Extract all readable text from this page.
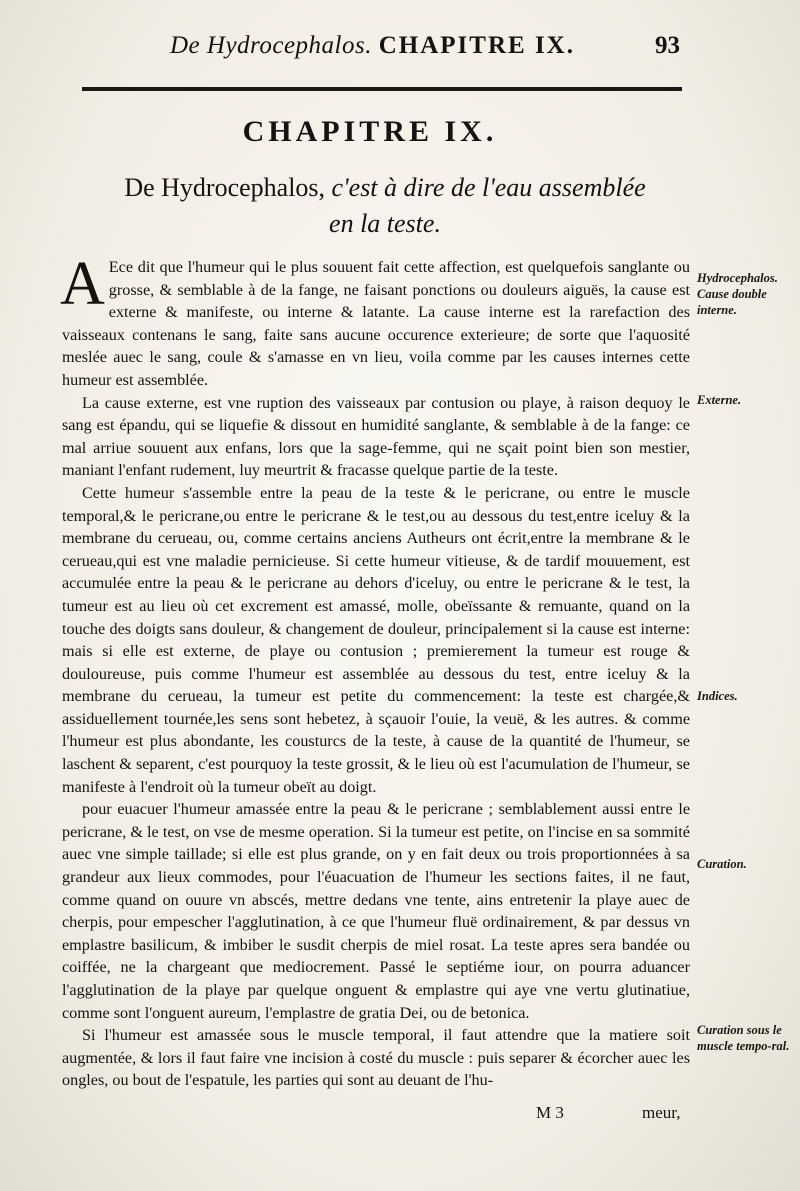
De Hydrocephalos. CHAPITRE IX.	93
CHAPITRE IX.
De Hydrocephalos, c'est à dire de l'eau assemblée
en la teste.

A Ece dit que l'humeur qui le plus souuent fait cette affection, est quelquefois sanglante ou grosse, & semblable à de la fange, ne faisant ponctions ou douleurs aiguës, la cause est externe & manifeste, ou interne & latante. La cause interne est la rarefaction des vaisseaux contenans le sang, faite sans aucune occurence exterieure; de sorte que l'aquosité meslée auec le sang, coule & s'amasse en vn lieu, voila comme par les causes internes cette humeur est assemblée.

La cause externe, est vne ruption des vaisseaux par contusion ou playe, à raison dequoy le sang est épandu, qui se liquefie & dissout en humidité sanglante, & semblable à de la fange: ce mal arriue souuent aux enfans, lors que la sage-femme, qui ne sçait point bien son mestier, maniant l'enfant rudement, luy meurtrit & fracasse quelque partie de la teste.

Cette humeur s'assemble entre la peau de la teste & le pericrane, ou entre le muscle temporal,& le pericrane,ou entre le pericrane & le test,ou au dessous du test,entre iceluy & la membrane du cerueau, ou, comme certains anciens Autheurs ont écrit,entre la membrane & le cerueau,qui est vne maladie pernicieuse. Si cette humeur vitieuse, & de tardif mouuement, est accumulée entre la peau & le pericrane au dehors d'iceluy, ou entre le pericrane & le test, la tumeur est au lieu où cet excrement est amassé, molle, obeïssante & remuante, quand on la touche des doigts sans douleur, & changement de douleur, principalement si la cause est interne: mais si elle est externe, de playe ou contusion ; premierement la tumeur est rouge & douloureuse, puis comme l'humeur est assemblée au dessous du test, entre iceluy & la membrane du cerueau, la tumeur est petite du commencement: la teste est chargée,& assiduellement tournée,les sens sont hebetez, à sçauoir l'ouie, la veuë, & les autres. & comme l'humeur est plus abondante, les cousturcs de la teste, à cause de la quantité de l'humeur, se laschent & separent, c'est pourquoy la teste grossit, & le lieu où est l'acumulation de l'humeur, se manifeste à l'endroit où la tumeur obeït au doigt.

pour euacuer l'humeur amassée entre la peau & le pericrane ; semblablement aussi entre le pericrane, & le test, on vse de mesme operation. Si la tumeur est petite, on l'incise en sa sommité auec vne simple taillade; si elle est plus grande, on y en fait deux ou trois proportionnées à sa grandeur aux lieux commodes, pour l'éuacuation de l'humeur les sections faites, il ne faut, comme quand on ouure vn abscés, mettre dedans vne tente, ains entretenir la playe auec de cherpis, pour empescher l'agglutination, à ce que l'humeur fluë ordinairement, & par dessus vn emplastre basilicum, & imbiber le susdit cherpis de miel rosat. La teste apres sera bandée ou coiffée, ne la chargeant que mediocrement. Passé le septiéme iour, on pourra aduancer l'agglutination de la playe par quelque onguent & emplastre qui aye vne vertu glutinatiue, comme sont l'onguent aureum, l'emplastre de gratia Dei, ou de betonica.

Si l'humeur est amassée sous le muscle temporal, il faut attendre que la matiere soit augmentée, & lors il faut faire vne incision à costé du muscle : puis separer & écorcher auec les ongles, ou bout de l'espatule, les parties qui sont au deuant de l'hu-

Hydrocephalos. Cause double interne.
Externe.
Indices.
Curation.
Curation sous le muscle tempo-ral.
M 3	meur,
